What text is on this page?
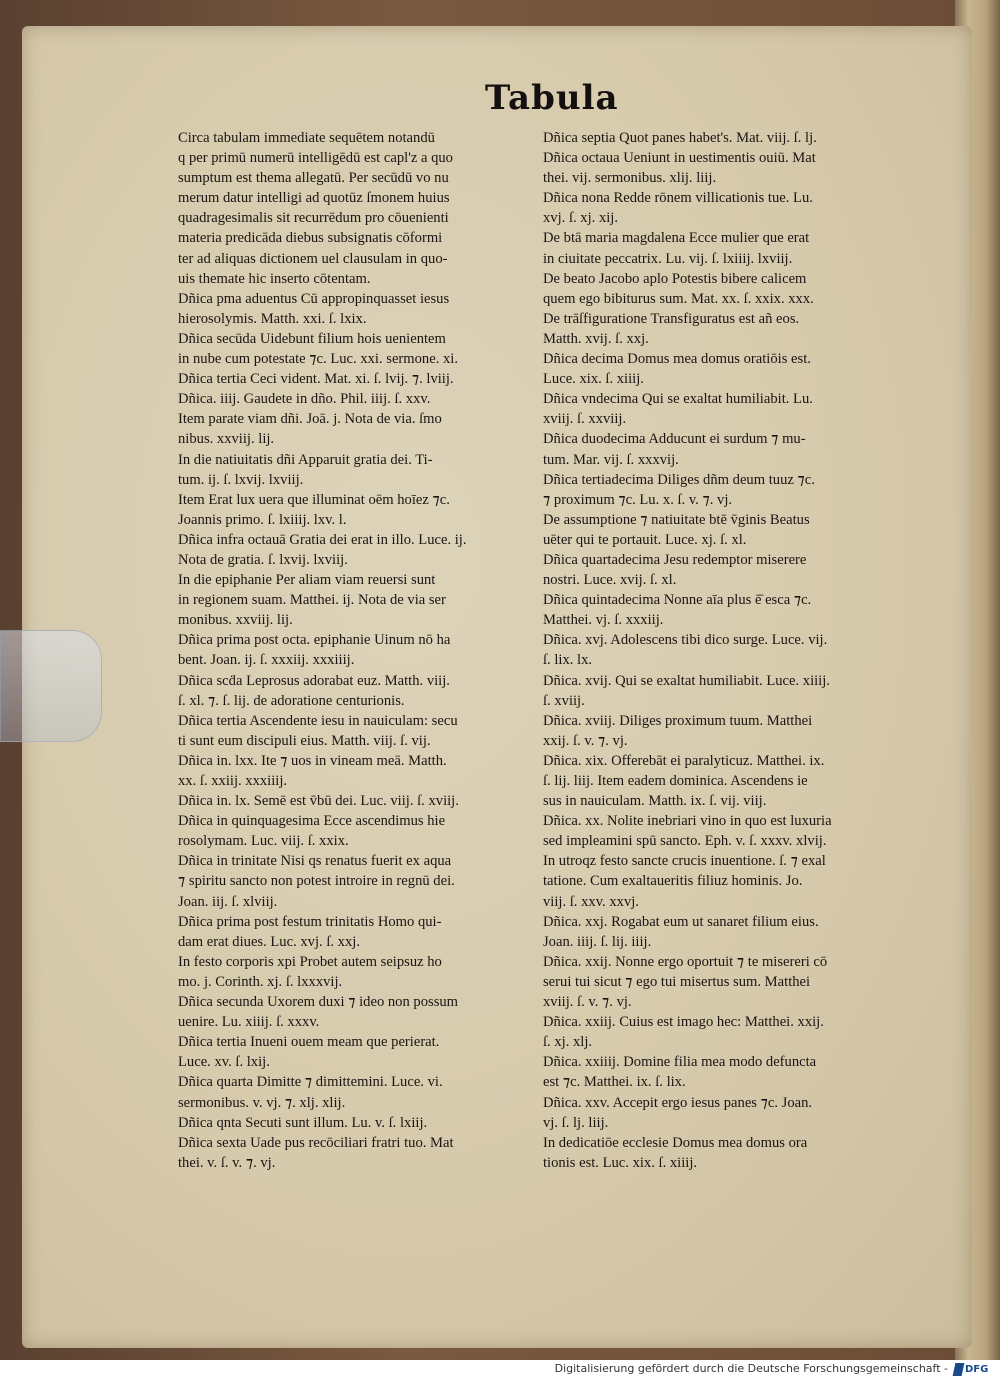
Tabula
Circa tabulam immediate sequētem notandū
q per primū numerū intelligēdū est capl'z a quo
sumptum est thema allegatū. Per secūdū vo nu
merum datur intelligi ad quotūz ſmonem huius
quadragesimalis sit recurrēdum pro cōuenienti
materia predicāda diebus subsignatis cōformi
ter ad aliquas dictionem uel clausulam in quo-
uis themate hic inserto cōtentam.
Dñica pma aduentus Cū appropinquasset iesus
hierosolymis. Matth. xxi. ſ. lxix.
Dñica secūda Uidebunt filium hois uenientem
in nube cum potestate ⁊c. Luc. xxi. sermone. xi.
Dñica tertia Ceci vident. Mat. xi. ſ. lvij. ⁊. lviij.
Dñica. iiij. Gaudete in dño. Phil. iiij. ſ. xxv.
Item parate viam dñi. Joā. j. Nota de via. ſmo
nibus. xxviij. lij.
In die natiuitatis dñi Apparuit gratia dei. Ti-
tum. ij. ſ. lxvij. lxviij.
Item Erat lux uera que illuminat oēm hoīez ⁊c.
Joannis primo. ſ. lxiiij. lxv. l.
Dñica infra octauā Gratia dei erat in illo. Luce. ij.
Nota de gratia. ſ. lxvij. lxviij.
In die epiphanie Per aliam viam reuersi sunt
in regionem suam. Matthei. ij. Nota de via ser
monibus. xxviij. lij.
Dñica prima post octa. epiphanie Uinum nō ha
bent. Joan. ij. ſ. xxxiij. xxxiiij.
Dñica scḋa Leprosus adorabat euz. Matth. viij.
ſ. xl. ⁊. ſ. lij. de adoratione centurionis.
Dñica tertia Ascendente iesu in nauiculam: secu
ti sunt eum discipuli eius. Matth. viij. ſ. vij.
Dñica in. lxx. Ite ⁊ uos in vineam meā. Matth.
xx. ſ. xxiij. xxxiiij.
Dñica in. lx. Semē est v̄bū dei. Luc. viij. ſ. xviij.
Dñica in quinquagesima Ecce ascendimus hie
rosolymam. Luc. viij. ſ. xxix.
Dñica in trinitate Nisi qs renatus fuerit ex aqua
⁊ spiritu sancto non potest introire in regnū dei.
Joan. iij. ſ. xlviij.
Dñica prima post festum trinitatis Homo qui-
dam erat diues. Luc. xvj. ſ. xxj.
In festo corporis xpi Probet autem seipsuz ho
mo. j. Corinth. xj. ſ. lxxxvij.
Dñica secunda Uxorem duxi ⁊ ideo non possum
uenire. Lu. xiiij. ſ. xxxv.
Dñica tertia Inueni ouem meam que perierat.
Luce. xv. ſ. lxij.
Dñica quarta Dimitte ⁊ dimittemini. Luce. vi.
sermonibus. v. vj. ⁊. xlj. xlij.
Dñica qnta Secuti sunt illum. Lu. v. ſ. lxiij.
Dñica sexta Uade pus recōciliari fratri tuo. Mat
thei. v. ſ. v. ⁊. vj.
Dñica septia Quot panes habet's. Mat. viij. ſ. lj.
Dñica octaua Ueniunt in uestimentis ouiū. Mat
thei. vij. sermonibus. xlij. liij.
Dñica nona Redde rōnem villicationis tue. Lu.
xvj. ſ. xj. xij.
De btā maria magdalena Ecce mulier que erat
in ciuitate peccatrix. Lu. vij. ſ. lxiiij. lxviij.
De beato Jacobo aplo Potestis bibere calicem
quem ego bibiturus sum. Mat. xx. ſ. xxix. xxx.
De trāſfiguratione Transfiguratus est añ eos.
Matth. xvij. ſ. xxj.
Dñica decima Domus mea domus oratiōis est.
Luce. xix. ſ. xiiij.
Dñica vndecima Qui se exaltat humiliabit. Lu.
xviij. ſ. xxviij.
Dñica duodecima Adducunt ei surdum ⁊ mu-
tum. Mar. vij. ſ. xxxvij.
Dñica tertiadecima Diliges dñm deum tuuz ⁊c.
⁊ proximum ⁊c. Lu. x. ſ. v. ⁊. vj.
De assumptione ⁊ natiuitate btē v̄ginis Beatus
uēter qui te portauit. Luce. xj. ſ. xl.
Dñica quartadecima Jesu redemptor miserere
nostri. Luce. xvij. ſ. xl.
Dñica quintadecima Nonne aīa plus ē̄ esca ⁊c.
Matthei. vj. ſ. xxxiij.
Dñica. xvj. Adolescens tibi dico surge. Luce. vij.
ſ. lix. lx.
Dñica. xvij. Qui se exaltat humiliabit. Luce. xiiij.
ſ. xviij.
Dñica. xviij. Diliges proximum tuum. Matthei
xxij. ſ. v. ⁊. vj.
Dñica. xix. Offerebāt ei paralyticuz. Matthei. ix.
ſ. lij. liij. Item eadem dominica. Ascendens ie
sus in nauiculam. Matth. ix. ſ. vij. viij.
Dñica. xx. Nolite inebriari vino in quo est luxuria
sed impleamini spū sancto. Eph. v. ſ. xxxv. xlvij.
In utroqz festo sancte crucis inuentione. ſ. ⁊ exal
tatione. Cum exaltaueritis filiuz hominis. Jo.
viij. ſ. xxv. xxvj.
Dñica. xxj. Rogabat eum ut sanaret filium eius.
Joan. iiij. ſ. lij. iiij.
Dñica. xxij. Nonne ergo oportuit ⁊ te misereri cō
serui tui sicut ⁊ ego tui misertus sum. Matthei
xviij. ſ. v. ⁊. vj.
Dñica. xxiij. Cuius est imago hec: Matthei. xxij.
ſ. xj. xlj.
Dñica. xxiiij. Domine filia mea modo defuncta
est ⁊c. Matthei. ix. ſ. lix.
Dñica. xxv. Accepit ergo iesus panes ⁊c. Joan.
vj. ſ. lj. liij.
In dedicatiōe ecclesie Domus mea domus ora
tionis est. Luc. xix. ſ. xiiij.
Digitalisierung gefördert durch die Deutsche Forschungsgemeinschaft - DFG
